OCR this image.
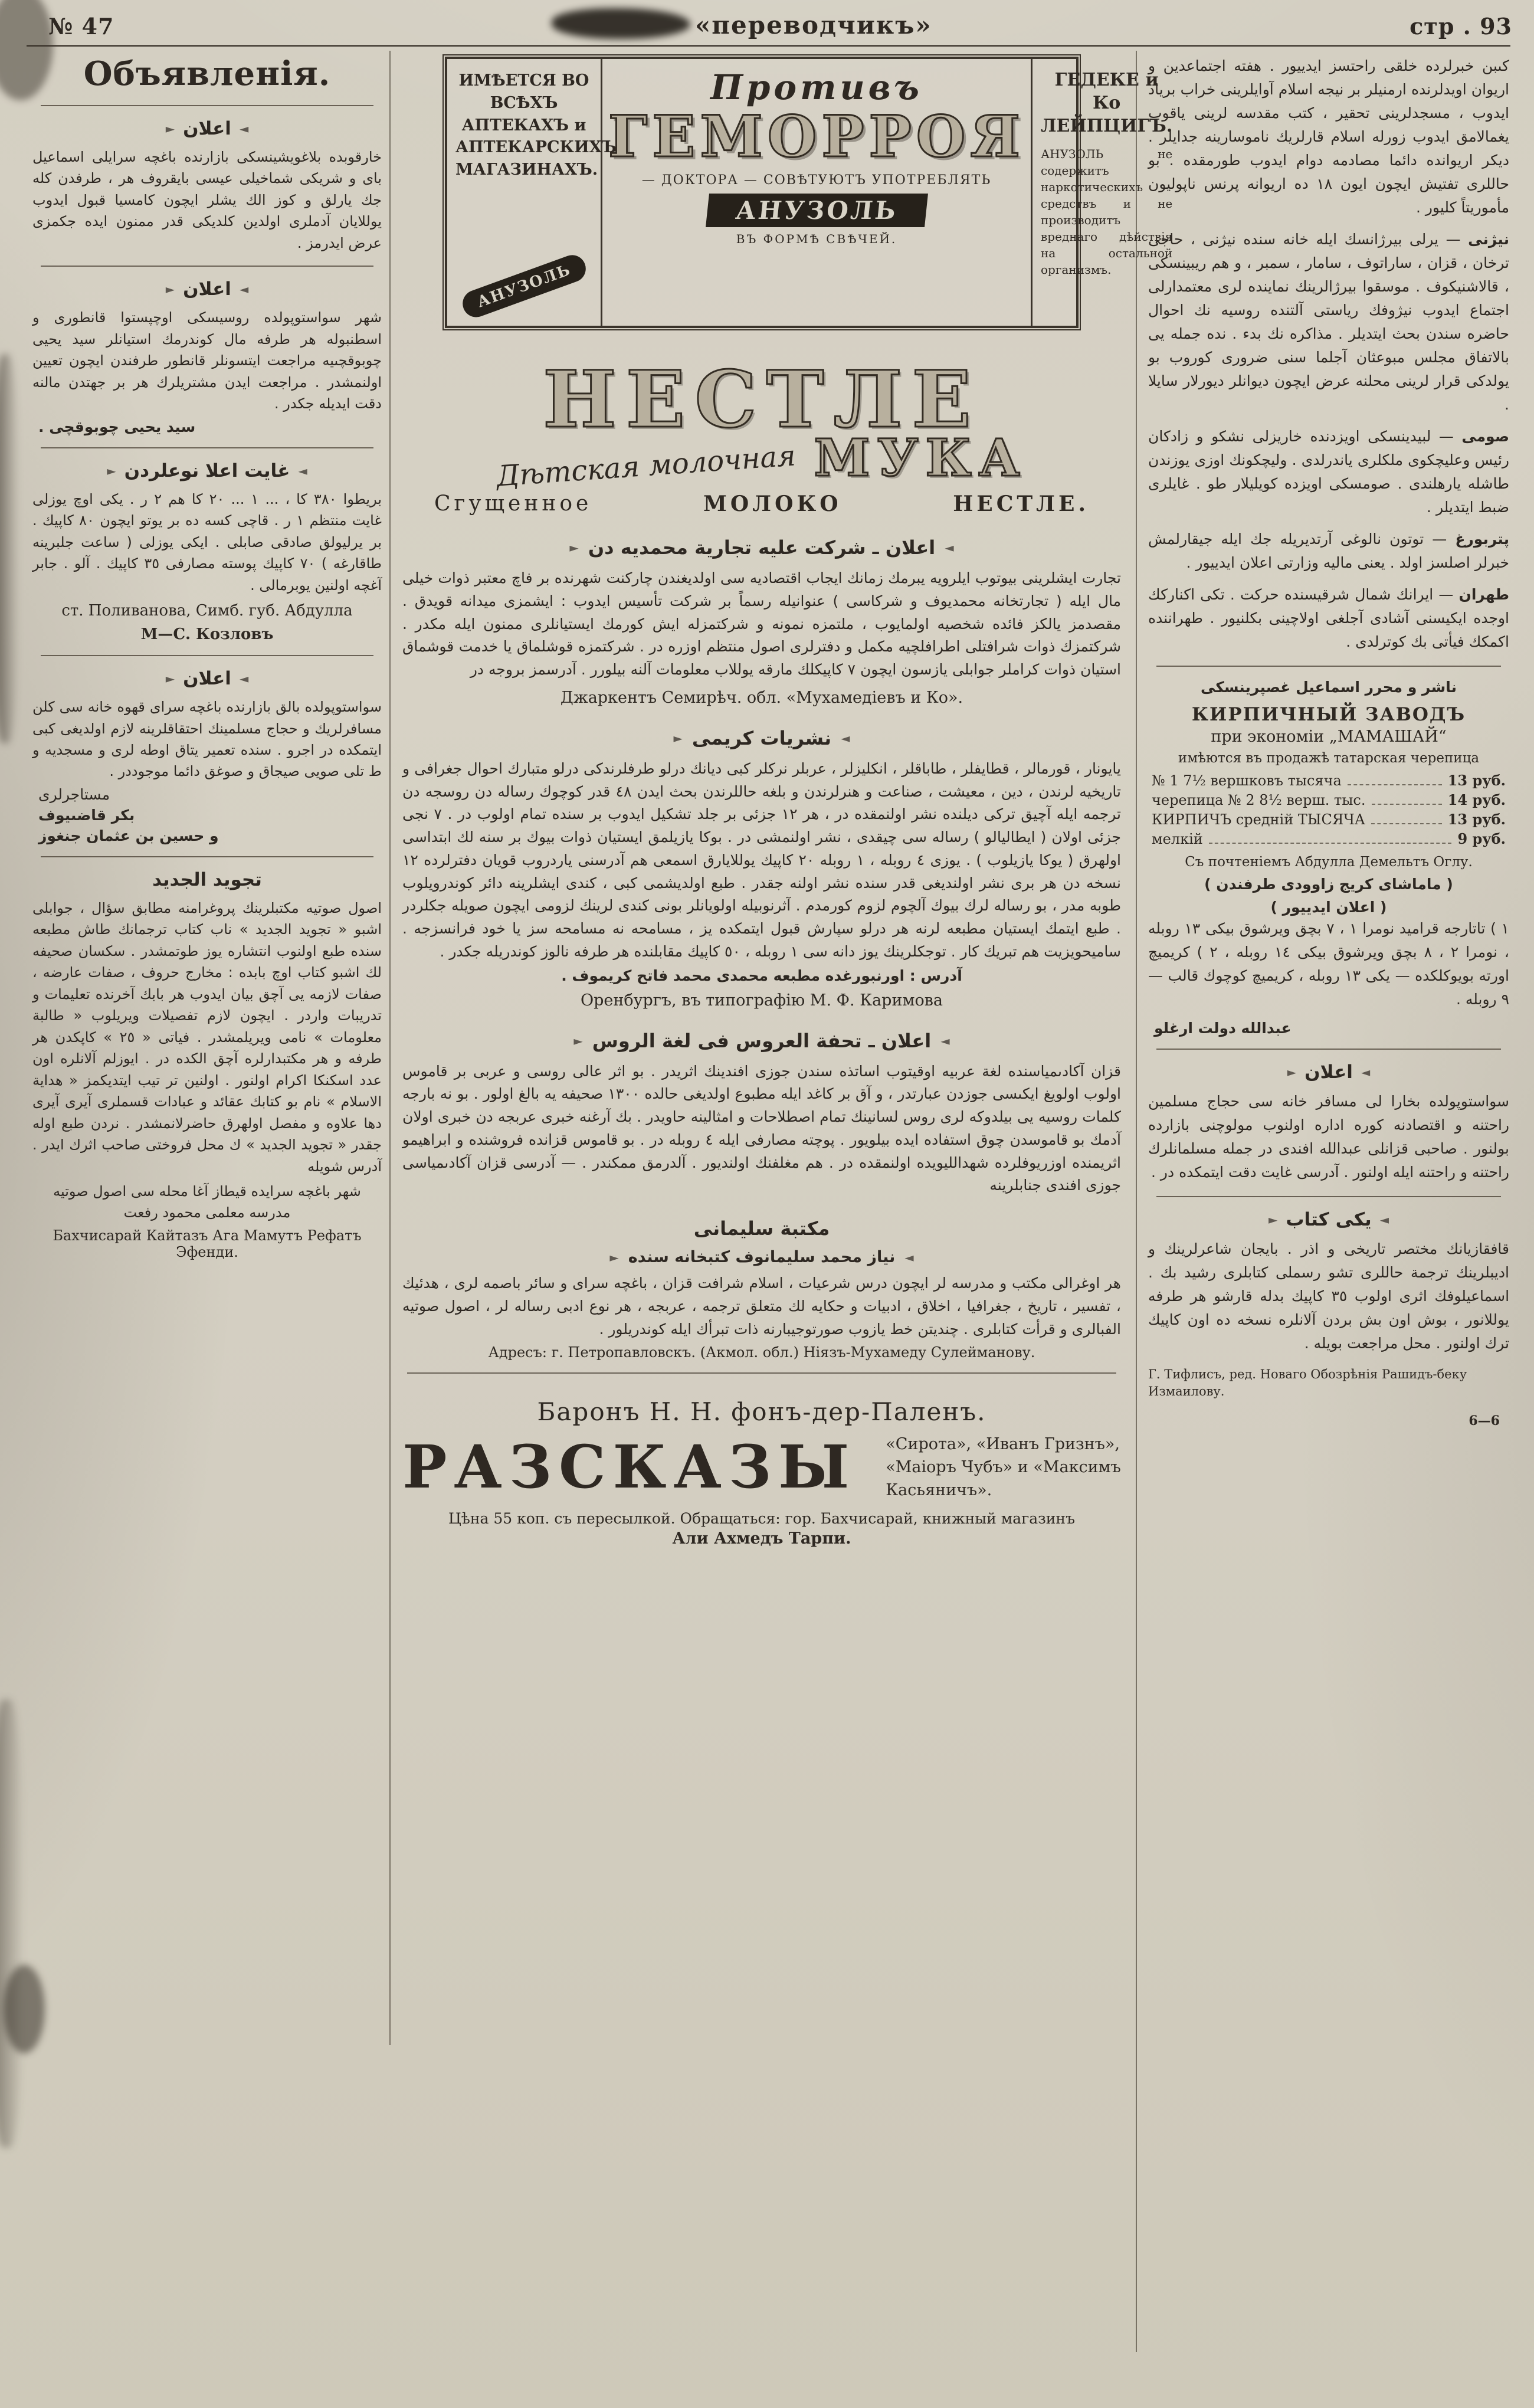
№ 47	«переводчикъ»	стр . 93
Объявленія.
► اعلان ◄

خارقوبده بلاغويشينسكى بازارنده باغچه سرايلى اسماعيل باى و شريكى شماخيلى عيسى بايقروف هر ، طرفدن كله جك يارلق و كوز الك يشلر ايچون كامسيا قبول ايدوب يوللايان آدملرى اولدين كلديكى قدر ممنون ايده جكمزى عرض ايدرمز .

► اعلان ◄

شهر سواستوپولده روسيسكى اوچپستوا قانطورى و اسطنبوله هر طرفه مال كوندرمك استيانلر سيد يحيى چوبوقچىيه مراجعت ايتسونلر قانطور طرفندن ايچون تعيين اولنمشدر . مراجعت ايدن مشتريلرك هر بر جهتدن مالنه دقت ايديله جكدر .

سيد يحيى چوبوقچى .
► غايت اعلا نوعلردن ◄

بريطوا ٣٨٠ كا ، ... ١ ... ٢٠ كا هم ٢ ر . يكى اوچ يوزلى غايت منتظم ١ ر . قاچى كسه ده بر يوتو ايچون ٨٠ كاپيك . بر يرليولق صادقى صابلى . ايكى يوزلى ( ساعت جلبرينه طاقارغه ) ٧٠ كاپيك پوسته مصارفى ٣٥ كاپيك . آلو . جابر آغچه اولنين يوبرمالى .

ст. Поливанова, Симб. губ. Абдулла
М—С. Козловъ
► اعلان ◄

سواستوپولده بالق بازارنده باغچه سراى قهوه خانه سى كلن مسافرلريك و حجاج مسلمينك احتقاقلرينه لازم اولديغى كبى ايتمكده در اجرو . سنده تعمير يتاق اوطه لرى و مسجديه و ط تلى صويى صيجاق و صوغق دائما موجوددر .

مستاجرلرى
بكر قاضىيوف
و حسين بن عثمان جنغوز
تجويد الجديد

اصول صوتيه مكتبلرينك پروغرامنه مطابق سؤال ، جوابلى اشبو « تجويد الجديد » ناب كتاب ترجمانك طاش مطبعه سنده طبع اولنوب انتشاره يوز طوتمشدر . سكسان صحيفه لك اشبو كتاب اوچ بابده : مخارج حروف ، صفات عارضه ، صفات لازمه يى آچق بيان ايدوب هر بابك آخرنده تعليمات و تدريبات واردر . ايچون لازم تفصيلات ويريلوب « طالبة معلومات » نامى ويريلمشدر . فياتى « ٢٥ » كاپكدن هر طرفه و هر مكتبدارلره آچق الكده در . ايوزلم آلانلره اون عدد اسكنكا اكرام اولنور . اولنين تر تيب ايتديكمز « هداية الاسلام » نام بو كتابك عقائد و عبادات قسملرى آيرى آيرى دها علاوه و مفصل اولهرق حاضرلانمشدر . نردن طبع اوله جقدر « تجويد الجديد » ك محل فروختى صاحب اثرك ايدر . آدرس شويله

شهر باغچه سرايده قيطاز آغا محله سى اصول صوتيه مدرسه معلمى محمود رفعت

Бахчисарай Кайтазъ Ага Мамутъ Рефатъ Эфенди.
ИМѢЕТСЯ ВО ВСѢХЪ АПТЕКАХЪ и АПТЕКАРСКИХЪ МАГАЗИНАХЪ.
АНУЗОЛЬ
Противъ
ГЕМОРРОЯ
— ДОКТОРА — СОВѢТУЮТЪ УПОТРЕБЛЯТЬ
АНУЗОЛЬ
ВЪ ФОРМѢ СВѢЧЕЙ.
ГЕДЕКЕ и Ко ЛЕЙПЦИГЪ.
АНУЗОЛЬ не содержитъ наркотическихъ средствъ и не производитъ вреднаго дѣйствія на остальной организмъ.
НЕСТЛЕ
Дѣтская молочная МУКА
Сгущенное	МОЛОКО	НЕСТЛЕ.
► اعلان ـ شركت عليه تجارية محمديه دن ◄

تجارت ايشلرينى بيوتوب ايلرويه يبرمك زمانك ايجاب اقتصاديه سى اولديغندن چاركنت شهرنده بر فاچ معتبر ذوات خيلى مال ايله ( تجارتخانه محمديوف و شركاسى ) عنوانيله رسماً بر شركت تأسيس ايدوب : ايشمزى ميدانه قويدق . مقصدمز يالكز فائده شخصيه اولمايوب ، ملتمزه نمونه و شركتمزله ايش كورمك ايستيانلرى ممنون ايله مكدر . شركتمزك ذوات شرافتلى اطرافلچيه مكمل و دفترلرى اصول منتظم اوزره در . شركتمزه قوشلماق يا خدمت قوشماق استيان ذوات كراملر جوابلى يازسون ايچون ٧ كاپيكلك مارقه يوللاب معلومات آلنه بيلورر . آدرسمز بروجه در

Джаркентъ Семирѣч. обл. «Мухамедіевъ и Ко».
► نشريات كريمى ◄

يايونار ، قورمالر ، قطايفلر ، طاباقلر ، انكليزلر ، عربلر نركلر كبى ديانك درلو طرفلرندكى درلو متبارك احوال جغرافى و تاريخيه لرندن ، دين ، معيشت ، صناعت و هنرلرندن و بلغه حاللرندن بحث ايدن ٤٨ قدر كوچوك رساله دن روسجه دن ترجمه ايله آچيق تركى ديلنده نشر اولنمقده در ، هر ١٢ جزئى بر جلد تشكيل ايدوب بر سنده تمام اولوب در . ٧ نجى جزئى اولان ( ايطاليالو ) رساله سى چيقدى ، نشر اولنمشى در . بوكا يازيلمق ايستيان ذوات بيوك بر سنه لك ابتداسى اولهرق ( يوكا يازيلوب ) . يوزى ٤ روبله ، ١ روبله ٢٠ كاپيك يوللايارق اسمعى هم آدرسنى ياردروب قويان دفترلرده ١٢ نسخه دن هر برى نشر اولنديغى قدر سنده نشر اولنه جقدر . طبع اولديشمى كبى ، كندى ايشلرينه دائر كوندرويلوب طوبه مدر ، بو رساله لرك بيوك آلچوم لزوم كورمدم . آثرنوبيله اولويانلر بونى كندى لرينك لزومى ايچون صويله جكلردر . طبع ايتمك ايستيان مطبعه لرنه هر درلو سپارش قبول ايتمكده يز ، مسامحه نه مسامحه سز يا خود فرانسزجه . ساميحويزيت هم تبريك كار . توجكلرينك يوز دانه سى ١ روبله ، ٥٠ كاپيك مقابلنده هر طرفه نالوز كوندريله جكدر .

آدرس : اورنبورغده مطبعه محمدى محمد فاتح كريموف .
Оренбургъ, въ типографію М. Ф. Каримова
► اعلان ـ تحفة العروس فى لغة الروس ◄

قزان آكادىمياسنده لغة عربيه اوقيتوب اساتذه سندن جوزى افندينك اثريدر . بو اثر عالى روسى و عربى بر قاموس اولوب اولويغ ايكىسى جوزدن عبارتدر ، و آق بر كاغد ايله مطبوع اولديغى حالده ١٣٠٠ صحيفه يه بالغ اولور . بو نه بارجه كلمات روسيه يى بيلدوكه لرى روس لسانينك تمام اصطلاحات و امثالينه حاويدر . بك آرغنه خبرى عربجه دن خبرى اولان آدمك بو قاموسدن چوق استفاده ايده بيلويور . پوچته مصارفى ايله ٤ روبله در . بو قاموس قزانده فروشنده و ابراهيمو اثريمنده اوزريوفلرده شهدالليويده اولنمقده در . هم مغلفنك اولنديور . آلدرمق ممكندر . — آدرسى قزان آكادىمياسى جوزى افندى جنابلرينه

مكتبة سليمانى
► نياز محمد سليمانوف كتبخانه سنده ◄

هر اوغرالى مكتب و مدرسه لر ايچون درس شرعيات ، اسلام شرافت قزان ، باغچه سراى و سائر باصمه لرى ، هدئيك ، تفسير ، تاريخ ، جغرافيا ، اخلاق ، ادبيات و حكايه لك متعلق ترجمه ، عربجه ، هر نوع ادبى رساله لر ، اصول صوتيه الفبالرى و قرأت كتابلرى . چنديتن خط يازوب صورتوجيبارنه ذات تبرأك ايله كوندريلور .

Адресъ: г. Петропавловскъ. (Акмол. обл.) Ніязъ-Мухамеду Сулейманову.
Баронъ Н. Н. фонъ-дер-Паленъ.
РАЗСКАЗЫ «Сирота», «Иванъ Гризнъ»,
«Маіоръ Чубъ» и «Максимъ
Касьяничъ».
Цѣна 55 коп. съ пересылкой. Обращаться: гор. Бахчисарай, книжный магазинъ
Али Ахмедъ Тарпи.

كىبن خبرلرده خلقى راحتسز ايدييور . هفته اجتماعدين و اريوان اويدلرنده ارمنيلر بر نيجه اسلام آوايلرينى خراب برياد ايدوب ، مسجدلرينى تحقير ، كتب مقدسه لرينى ياقوب يغمالامق ايدوب زورله اسلام قارلريك ناموسارينه جدايلر . ديكر اريوانده دائما مصادمه دوام ايدوب طورمقده . بو حاللرى تفتيش ايچون ايون ١٨ ده اريوانه پرنس ناپوليون مأموريتاً كليور .

نيژنى — يرلى بيرژانسك ايله خانه سنده نيژنى ، حاجى ترخان ، قزان ، ساراتوف ، سامار ، سمبر ، و هم ريبينسكى ، قالاشنيكوف . موسقوا بيرژالرينك نماينده لرى معتمدارلى اجتماع ايدوب نيژوفك رياستى آلتنده روسيه نك احوال حاضره سندن بحث ايتديلر . مذاكره نك بدء . نده جمله يى بالاتفاق مجلس مبوعثان آجلما سنى ضرورى كوروب بو يولدكى قرار لرينى محلنه عرض ايچون ديوانلر ديورلار سايلا .

صومى — لبيدينسكى اويزدنده خاريزلى نشكو و زادكان رئيس وعليچكوى ملكلرى ياندرلدى . وليچكونك اوزى يوزندن طاشله يارهلندى . صومسكى اويزده كويليلار طو . غايلرى ضبط ايتديلر .

پتربورغ — توتون نالوغى آرتديريله جك ايله جيقارلمش خبرلر اصلسز اولد . يعنى ماليه وزارتى اعلان ايدييور .

طهران — ايرانك شمال شرقيسنده حركت . تكى اكناركك اوجده ايكيسنى آشادى آجلغى اولاچينى بكلنيور . طهراننده اكمكك فيأتى بك كوترلدى .

ناشر و محرر اسماعيل غصپرينسكى
КИРПИЧНЫЙ ЗАВОДЪ
при экономіи „МАМАШАЙ“
имѣются въ продажѣ татарская черепица
№ 1 7½ вершковъ тысяча	13 руб.
черепица № 2 8½ верш. тыс.	14 руб.
КИРПИЧЪ средній ТЫСЯЧА	13 руб.
мелкій	9 руб.
Съ почтеніемъ Абдулла Демельтъ Оглу.
( ماماشاى كريج زاوودى طرفندن )
( اعلان ايدييور )

١ ) تاتارجه قراميد نومرا ١ ، ٧ بچق ويرشوق بيكى ١٣ روبله ، نومرا ٢ ، ٨ بچق ويرشوق بيكى ١٤ روبله ، ٢ ) كريميچ اورته بويوكلكده — يكى ١٣ روبله ، كريميچ كوچوك قالب — ٩ روبله .

عبدالله دولت ارغلو
► اعلان ◄

سواستوپولده بخارا لى مسافر خانه سى حجاج مسلمين راحتنه و اقتصادنه كوره اداره اولنوب مولوچنى بازارده بولنور . صاحبى قزانلى عبدالله افندى در جمله مسلمانلرك راحتنه و راحتنه ايله اولنور . آدرسى غايت دقت ايتمكده در .

► يكى كتاب ◄

قافقازيانك مختصر تاريخى و اذر . بايجان شاعرلرينك و اديبلرينك ترجمة حاللرى تشو رسملى كتابلرى رشيد بك . اسماعيلوفك اثرى اولوب ٣٥ كاپيك بدله قارشو هر طرفه يوللانور ، بوش اون بش بردن آلانلره نسخه ده اون كاپيك ترك اولنور . محل مراجعت بويله .

Г. Тифлисъ, ред. Новаго Обозрѣнія Рашидъ-беку Измаилову.

6—6
